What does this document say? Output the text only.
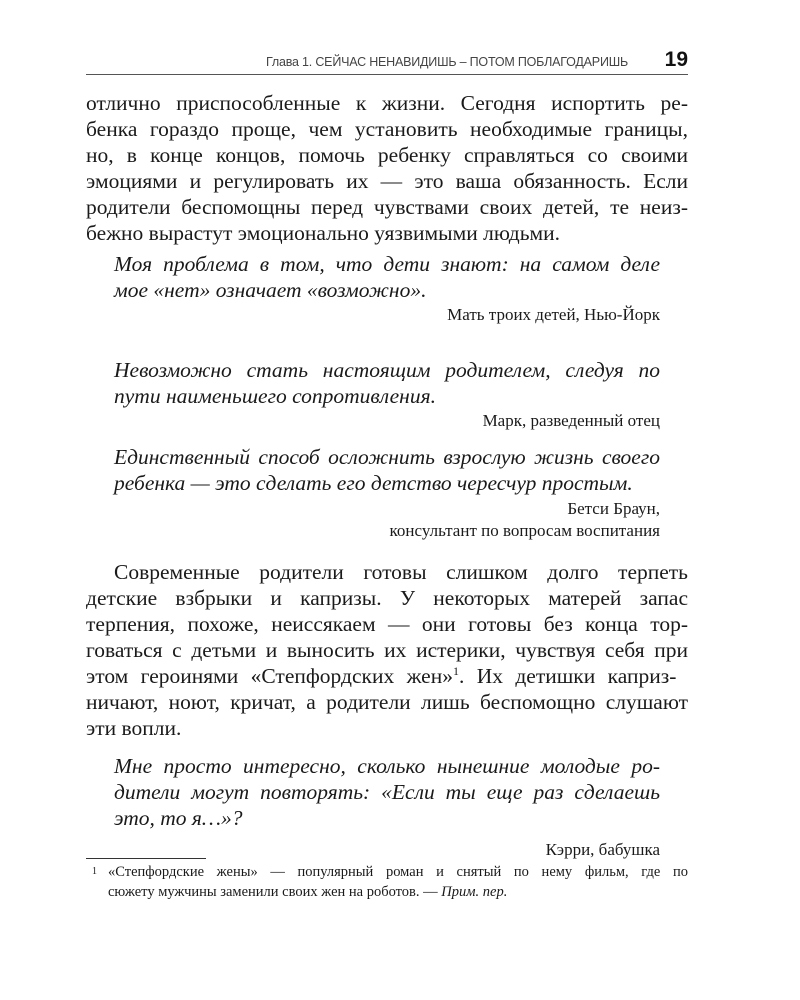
Глава 1. СЕЙЧАС НЕНАВИДИШЬ – ПОТОМ ПОБЛАГОДАРИШЬ 19
отлично приспособленные к жизни. Сегодня испортить ре-
бенка гораздо проще, чем установить необходимые границы,
но, в конце концов, помочь ребенку справляться со своими
эмоциями и регулировать их — это ваша обязанность. Если
родители беспомощны перед чувствами своих детей, те неиз-
бежно вырастут эмоционально уязвимыми людьми.
Моя проблема в том, что дети знают: на самом деле
мое «нет» означает «возможно».
Мать троих детей, Нью-Йорк
Невозможно стать настоящим родителем, следуя по
пути наименьшего сопротивления.
Марк, разведенный отец
Единственный способ осложнить взрослую жизнь своего
ребенка — это сделать его детство чересчур простым.
Бетси Браун,
консультант по вопросам воспитания
Современные родители готовы слишком долго терпеть
детские взбрыки и капризы. У некоторых матерей запас
терпения, похоже, неиссякаем — они готовы без конца тор-
говаться с детьми и выносить их истерики, чувствуя себя при
этом героинями «Степфордских жен»$^1$. Их детишки каприз-
ничают, ноют, кричат, а родители лишь беспомощно слушают
эти вопли.
Мне просто интересно, сколько нынешние молодые ро-
дители могут повторять: «Если ты еще раз сделаешь
это, то я…»?
Кэрри, бабушка
1 «Степфордские жены» — популярный роман и снятый по нему фильм, где по
сюжету мужчины заменили своих жен на роботов. — Прим. пер.
